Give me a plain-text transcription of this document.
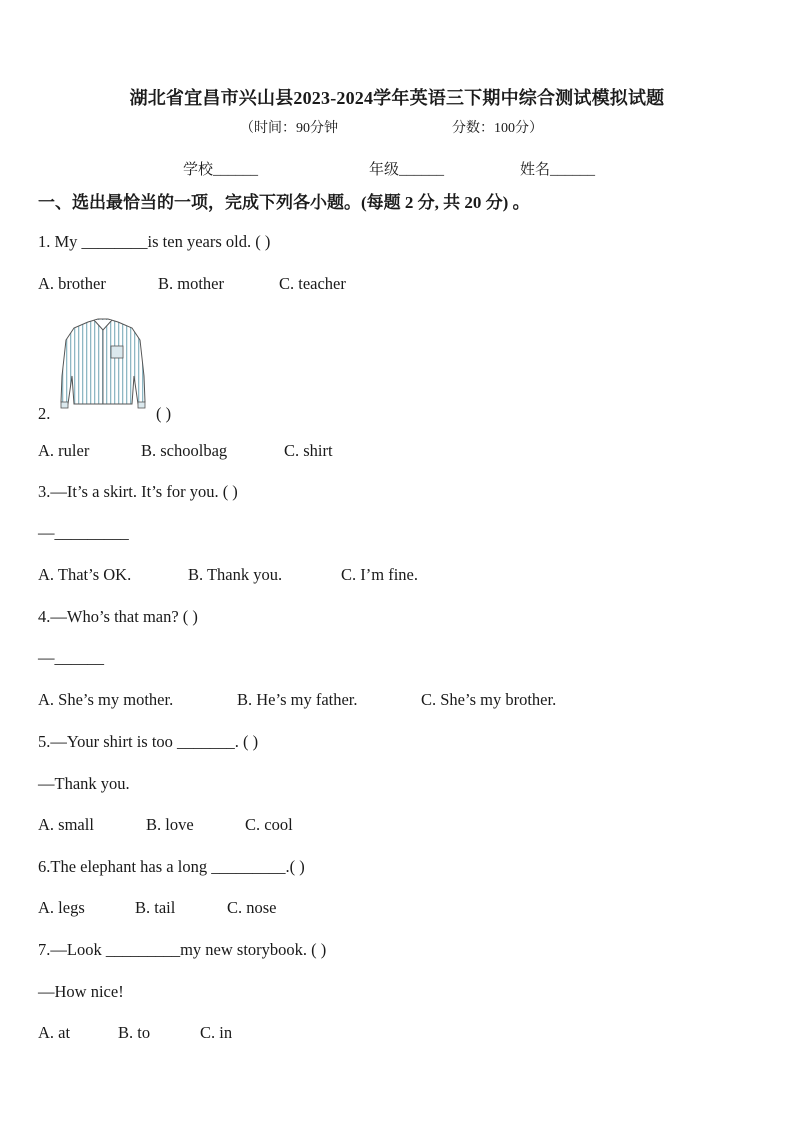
湖北省宜昌市兴山县2023-2024学年英语三下期中综合测试模拟试题
（时间：90分钟	分数：100分）
学校______	年级______	姓名______
一、选出最恰当的一项，完成下列各小题。(每题 2 分, 共 20 分) 。
1. My ________is ten years old. ( )
A. brother	B. mother	C. teacher
2.	( )
A. ruler	B. schoolbag	C. shirt
3.—It’s a skirt. It’s for you. ( )
—_________
A. That’s OK.	B. Thank you.	C. I’m fine.
4.—Who’s that man? ( )
—______
A. She’s my mother.	B. He’s my father.	C. She’s my brother.
5.—Your shirt is too _______. ( )
—Thank you.
A. small	B. love	C. cool
6.The elephant has a long _________.( )
A. legs	B. tail	C. nose
7.—Look _________my new storybook. ( )
—How nice!
A. at	B. to	C. in
